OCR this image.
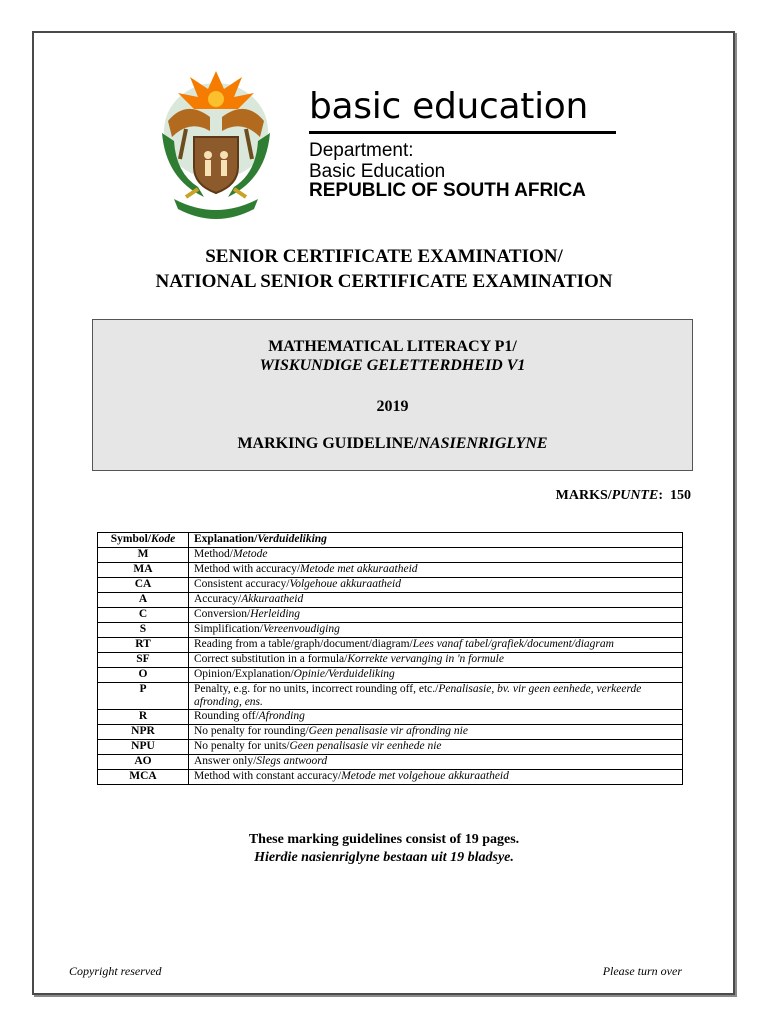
basic education

Department:

Basic Education

REPUBLIC OF SOUTH AFRICA

SENIOR CERTIFICATE EXAMINATION/
NATIONAL SENIOR CERTIFICATE EXAMINATION

MATHEMATICAL LITERACY P1/

WISKUNDIGE GELETTERDHEID V1

2019

MARKING GUIDELINE/NASIENRIGLYNE

MARKS/PUNTE: 150

Symbol/Kode	Explanation/Verduideliking
M	Method/Metode
MA	Method with accuracy/Metode met akkuraatheid
CA	Consistent accuracy/Volgehoue akkuraatheid
A	Accuracy/Akkuraatheid
C	Conversion/Herleiding
S	Simplification/Vereenvoudiging
RT	Reading from a table/graph/document/diagram/Lees vanaf tabel/grafiek/document/diagram
SF	Correct substitution in a formula/Korrekte vervanging in 'n formule
O	Opinion/Explanation/Opinie/Verduideliking
P	Penalty, e.g. for no units, incorrect rounding off, etc./Penalisasie, bv. vir geen eenhede, verkeerde afronding, ens.
R	Rounding off/Afronding
NPR	No penalty for rounding/Geen penalisasie vir afronding nie
NPU	No penalty for units/Geen penalisasie vir eenhede nie
AO	Answer only/Slegs antwoord
MCA	Method with constant accuracy/Metode met volgehoue akkuraatheid
These marking guidelines consist of 19 pages.
Hierdie nasienriglyne bestaan uit 19 bladsye.

Copyright reserved	Please turn over
